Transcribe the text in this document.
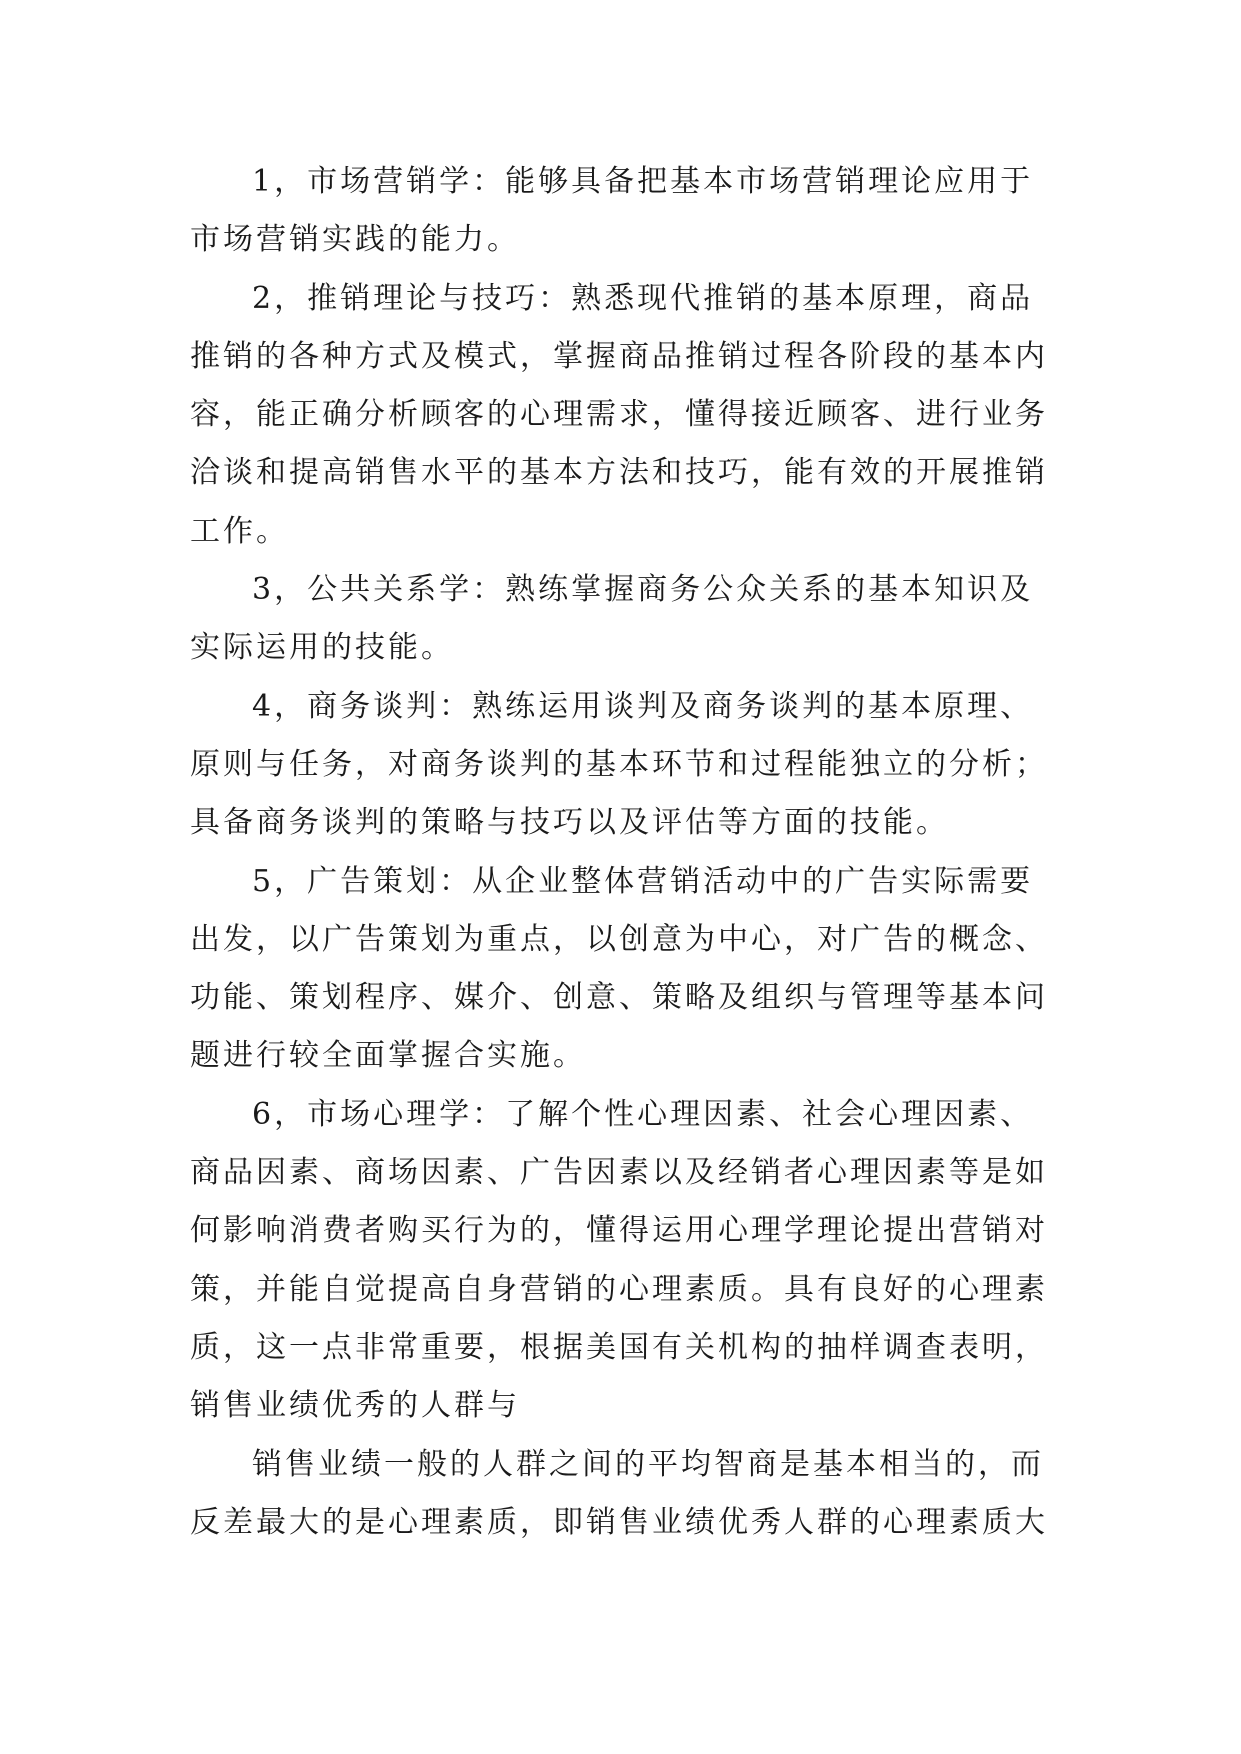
1，市场营销学：能够具备把基本市场营销理论应用于
市场营销实践的能力。
2，推销理论与技巧：熟悉现代推销的基本原理，商品
推销的各种方式及模式，掌握商品推销过程各阶段的基本内
容，能正确分析顾客的心理需求，懂得接近顾客、进行业务
洽谈和提高销售水平的基本方法和技巧，能有效的开展推销
工作。
3，公共关系学：熟练掌握商务公众关系的基本知识及
实际运用的技能。
4，商务谈判：熟练运用谈判及商务谈判的基本原理、
原则与任务，对商务谈判的基本环节和过程能独立的分析；
具备商务谈判的策略与技巧以及评估等方面的技能。
5，广告策划：从企业整体营销活动中的广告实际需要
出发，以广告策划为重点，以创意为中心，对广告的概念、
功能、策划程序、媒介、创意、策略及组织与管理等基本问
题进行较全面掌握合实施。
6，市场心理学：了解个性心理因素、社会心理因素、
商品因素、商场因素、广告因素以及经销者心理因素等是如
何影响消费者购买行为的，懂得运用心理学理论提出营销对
策，并能自觉提高自身营销的心理素质。具有良好的心理素
质，这一点非常重要，根据美国有关机构的抽样调查表明，
销售业绩优秀的人群与
销售业绩一般的人群之间的平均智商是基本相当的，而
反差最大的是心理素质，即销售业绩优秀人群的心理素质大
